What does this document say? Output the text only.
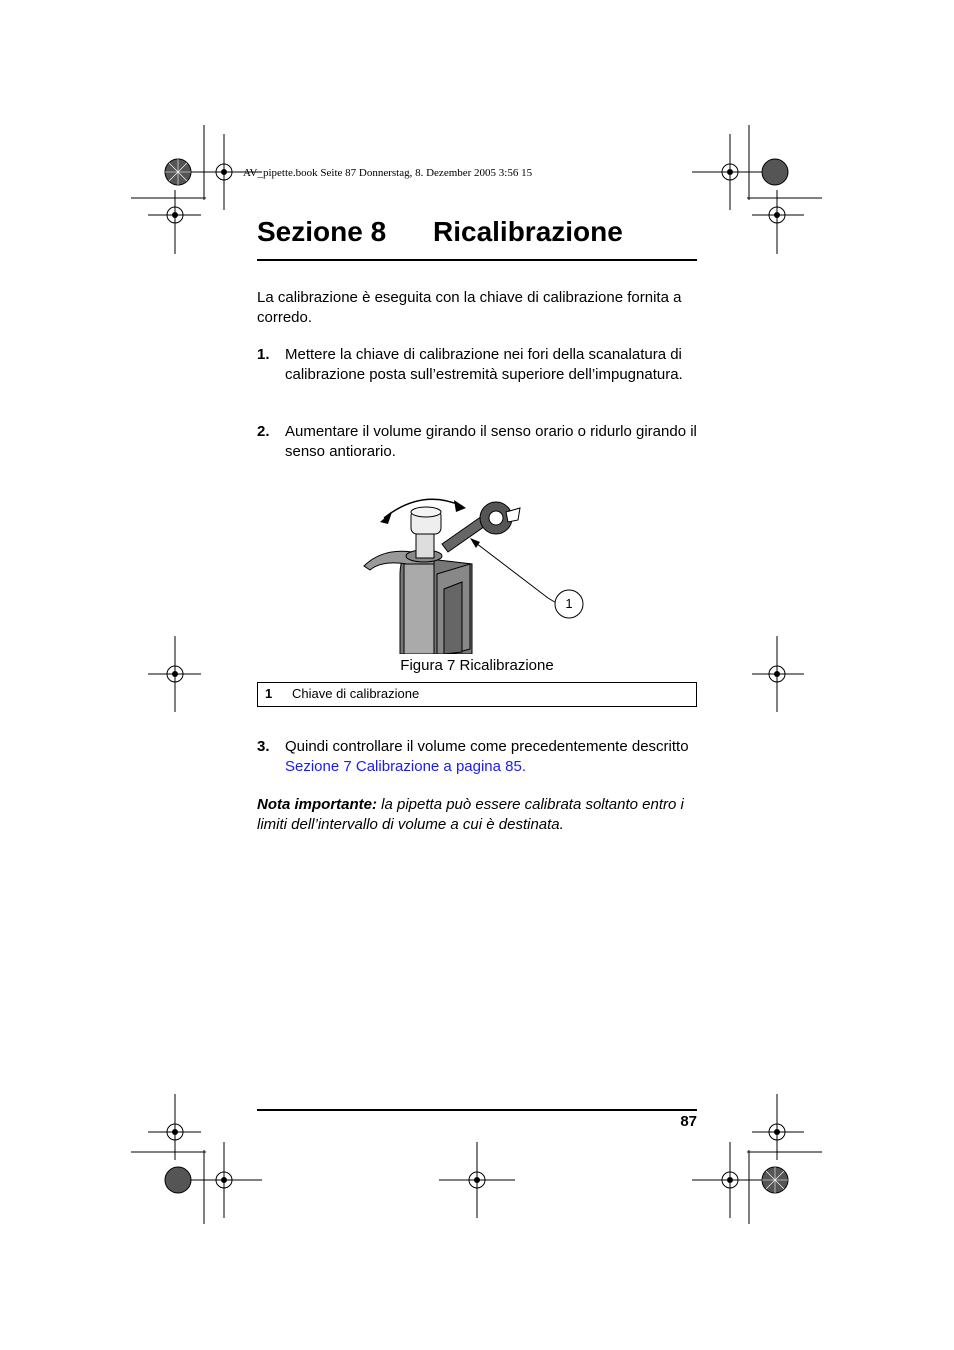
AV_pipette.book Seite 87 Donnerstag, 8. Dezember 2005 3:56 15
Sezione 8 Ricalibrazione
La calibrazione è eseguita con la chiave di calibrazione fornita a corredo.
1. Mettere la chiave di calibrazione nei fori della scanalatura di calibrazione posta sull’estremità superiore dell’impugnatura.
2. Aumentare il volume girando il senso orario o ridurlo girando il senso antiorario.
1
Figura 7 Ricalibrazione
1 Chiave di calibrazione
3. Quindi controllare il volume come precedentemente descritto Sezione 7 Calibrazione a pagina 85.
Nota importante: la pipetta può essere calibrata soltanto entro i limiti dell’intervallo di volume a cui è destinata.
87
